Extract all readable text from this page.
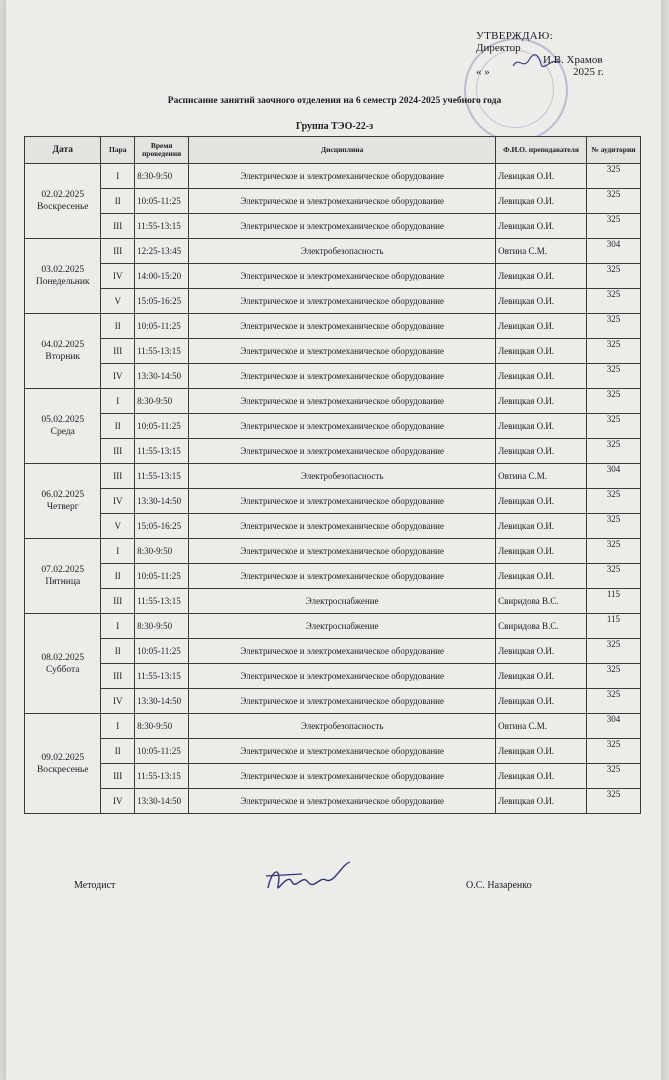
УТВЕРЖДАЮ:
Директор
И.В. Храмов
« »	2025 г.
Расписание занятий заочного отделения на 6 семестр 2024-2025 учебного года
Группа ТЭО-22-з
Дата	Пара	Время проведения	Дисциплина	Ф.И.О. преподавателя	№ аудитории

02.02.2025
Воскресенье	I	8:30-9:50	Электрическое и электромеханическое оборудование	Левицкая О.И.	325
	II	10:05-11:25	Электрическое и электромеханическое оборудование	Левицкая О.И.	325
	III	11:55-13:15	Электрическое и электромеханическое оборудование	Левицкая О.И.	325

03.02.2025
Понедельник	III	12:25-13:45	Электробезопасность	Овтина С.М.	304
	IV	14:00-15:20	Электрическое и электромеханическое оборудование	Левицкая О.И.	325
	V	15:05-16:25	Электрическое и электромеханическое оборудование	Левицкая О.И.	325

04.02.2025
Вторник	II	10:05-11:25	Электрическое и электромеханическое оборудование	Левицкая О.И.	325
	III	11:55-13:15	Электрическое и электромеханическое оборудование	Левицкая О.И.	325
	IV	13:30-14:50	Электрическое и электромеханическое оборудование	Левицкая О.И.	325

05.02.2025
Среда	I	8:30-9:50	Электрическое и электромеханическое оборудование	Левицкая О.И.	325
	II	10:05-11:25	Электрическое и электромеханическое оборудование	Левицкая О.И.	325
	III	11:55-13:15	Электрическое и электромеханическое оборудование	Левицкая О.И.	325

06.02.2025
Четверг	III	11:55-13:15	Электробезопасность	Овтина С.М.	304
	IV	13:30-14:50	Электрическое и электромеханическое оборудование	Левицкая О.И.	325
	V	15:05-16:25	Электрическое и электромеханическое оборудование	Левицкая О.И.	325

07.02.2025
Пятница	I	8:30-9:50	Электрическое и электромеханическое оборудование	Левицкая О.И.	325
	II	10:05-11:25	Электрическое и электромеханическое оборудование	Левицкая О.И.	325
	III	11:55-13:15	Электроснабжение	Свиридова В.С.	115

08.02.2025
Суббота	I	8:30-9:50	Электроснабжение	Свиридова В.С.	115
	II	10:05-11:25	Электрическое и электромеханическое оборудование	Левицкая О.И.	325
	III	11:55-13:15	Электрическое и электромеханическое оборудование	Левицкая О.И.	325
	IV	13:30-14:50	Электрическое и электромеханическое оборудование	Левицкая О.И.	325

09.02.2025
Воскресенье	I	8:30-9:50	Электробезопасность	Овтина С.М.	304
	II	10:05-11:25	Электрическое и электромеханическое оборудование	Левицкая О.И.	325
	III	11:55-13:15	Электрическое и электромеханическое оборудование	Левицкая О.И.	325
	IV	13:30-14:50	Электрическое и электромеханическое оборудование	Левицкая О.И.	325
Методист	О.С. Назаренко
